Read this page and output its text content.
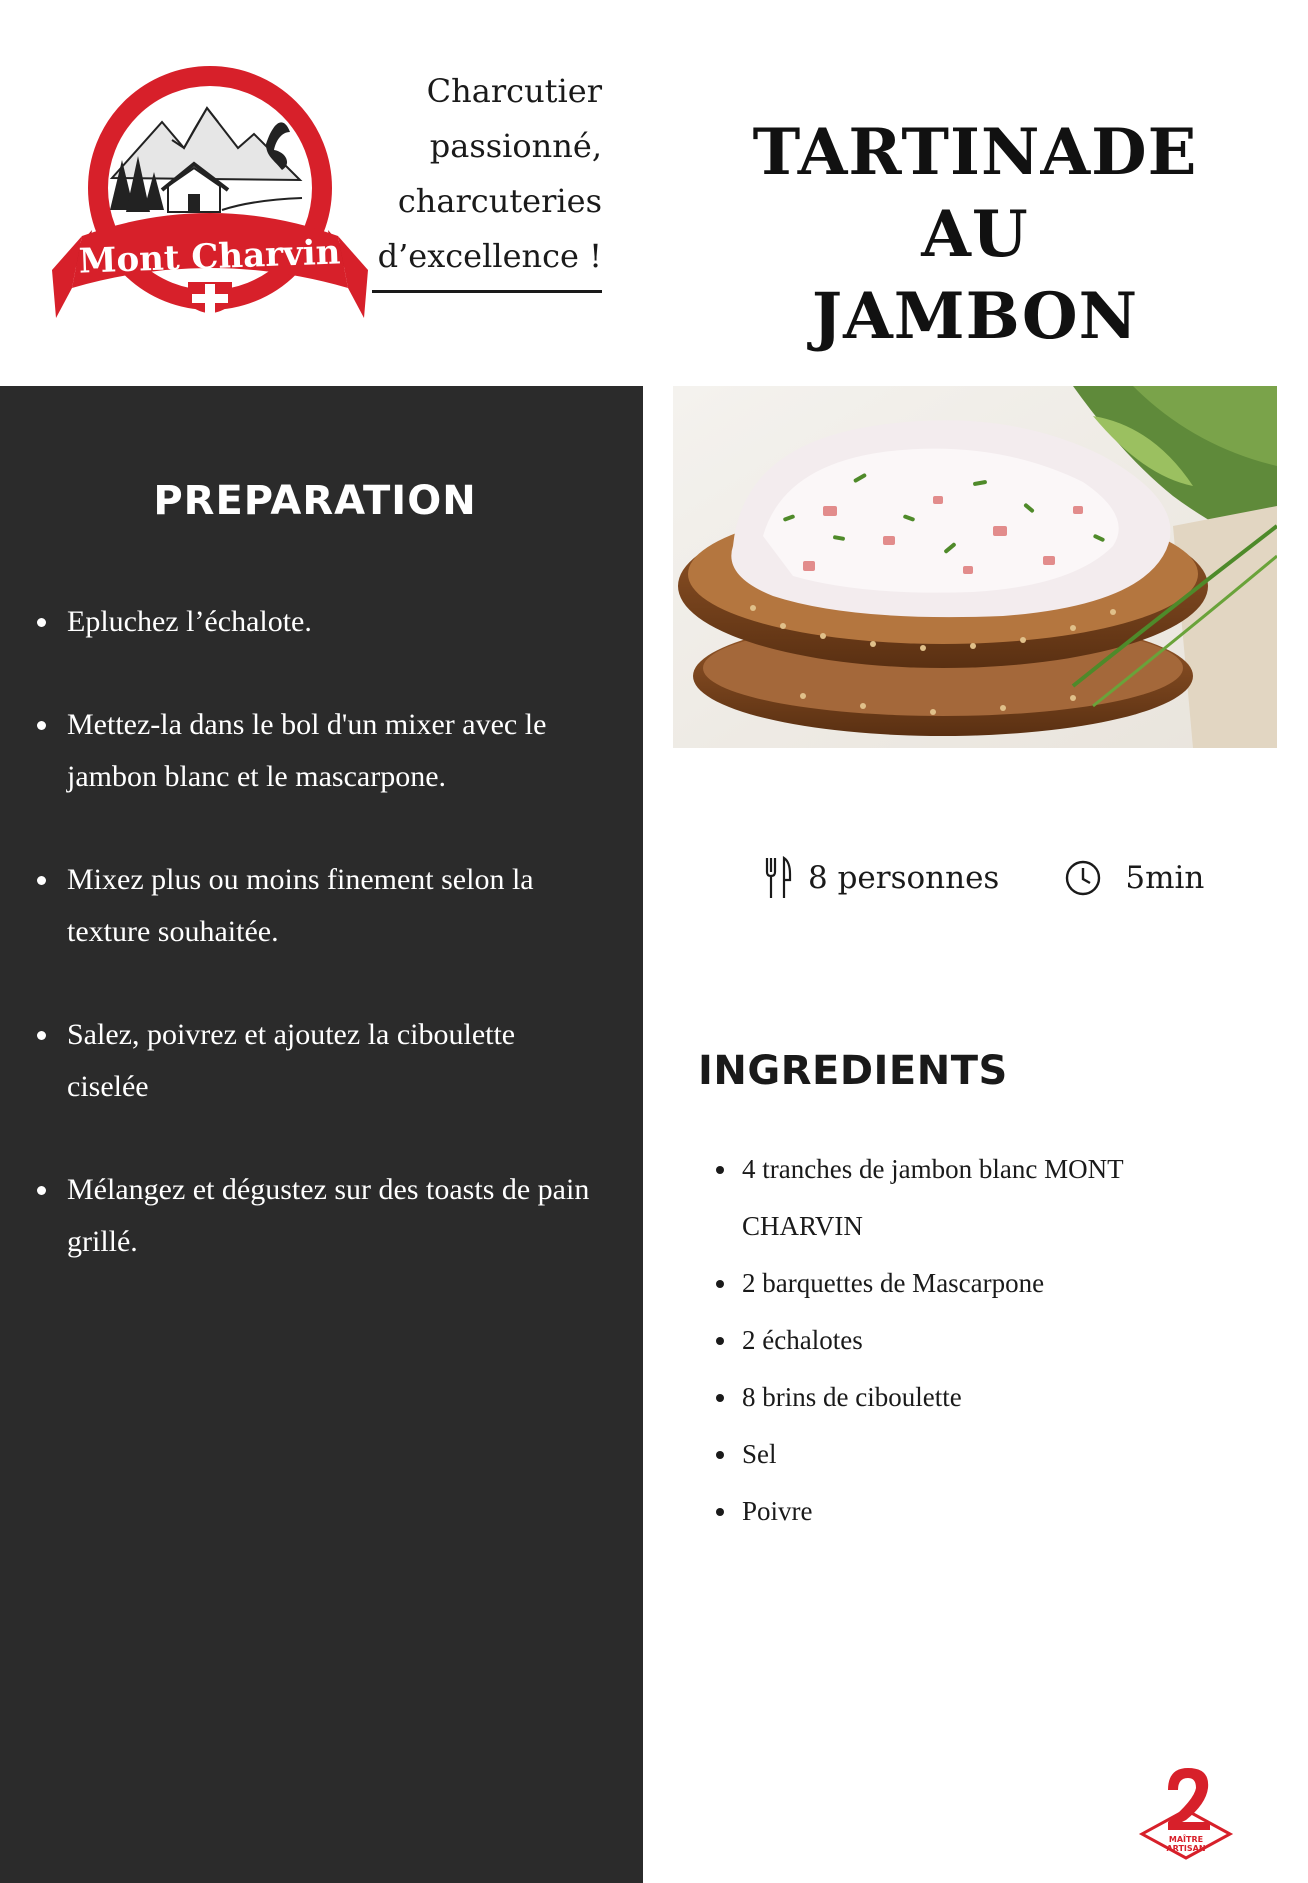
Mont Charvin
Charcutier
passionné,
charcuteries
d’excellence !
TARTINADE AU
JAMBON
PREPARATION
Epluchez l’échalote.
Mettez-la dans le bol d'un mixer avec le jambon blanc et le mascarpone.
Mixez plus ou moins finement selon la texture souhaitée.
Salez, poivrez et ajoutez la ciboulette ciselée
Mélangez et dégustez sur des toasts de pain grillé.
8 personnes	5min
INGREDIENTS
4 tranches de jambon blanc MONT CHARVIN
2 barquettes de Mascarpone
2 échalotes
8 brins de ciboulette
Sel
Poivre
MAÎTRE
ARTISAN
